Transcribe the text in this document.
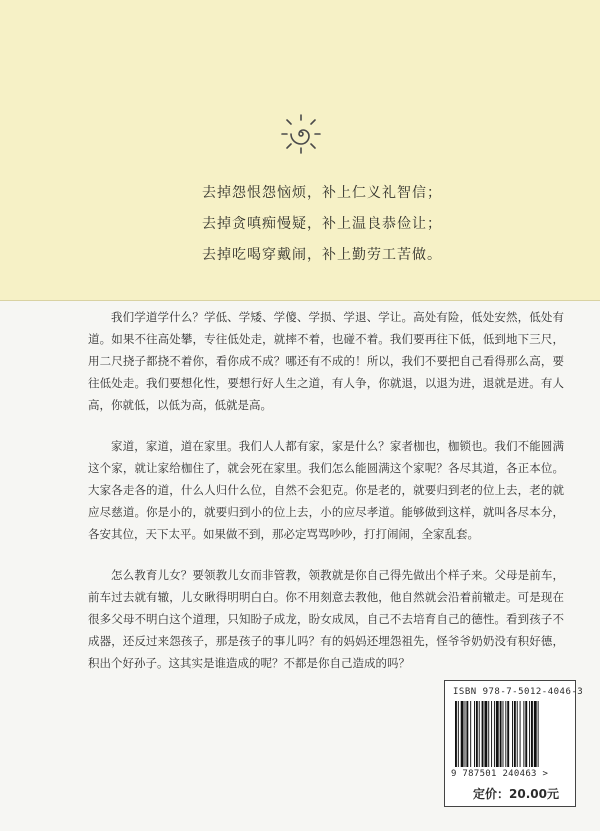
去掉怨恨怨恼烦，补上仁义礼智信；
去掉贪嗔痴慢疑，补上温良恭俭让；
去掉吃喝穿戴闹，补上勤劳工苦做。

我们学道学什么？学低、学矮、学傻、学损、学退、学让。高处有险，低处安然，低处有道。如果不往高处攀，专往低处走，就摔不着，也碰不着。我们要再往下低，低到地下三尺，用二尺挠子都挠不着你，看你成不成？哪还有不成的！所以，我们不要把自己看得那么高，要往低处走。我们要想化性，要想行好人生之道，有人争，你就退，以退为进，退就是进。有人高，你就低，以低为高，低就是高。

家道，家道，道在家里。我们人人都有家，家是什么？家者枷也，枷锁也。我们不能圆满这个家，就让家给枷住了，就会死在家里。我们怎么能圆满这个家呢？各尽其道，各正本位。大家各走各的道，什么人归什么位，自然不会犯克。你是老的，就要归到老的位上去，老的就应尽慈道。你是小的，就要归到小的位上去，小的应尽孝道。能够做到这样，就叫各尽本分，各安其位，天下太平。如果做不到，那必定骂骂吵吵，打打闹闹，全家乱套。

怎么教育儿女？要领教儿女而非管教，领教就是你自己得先做出个样子来。父母是前车，前车过去就有辙，儿女瞅得明明白白。你不用刻意去教他，他自然就会沿着前辙走。可是现在很多父母不明白这个道理，只知盼子成龙，盼女成凤，自己不去培育自己的德性。看到孩子不成器，还反过来怨孩子，那是孩子的事儿吗？有的妈妈还埋怨祖先，怪爷爷奶奶没有积好德，积出个好孙子。这其实是谁造成的呢？不都是你自己造成的吗？

ISBN 978-7-5012-4046-3
9 787501 240463 >
定价：20.00元
